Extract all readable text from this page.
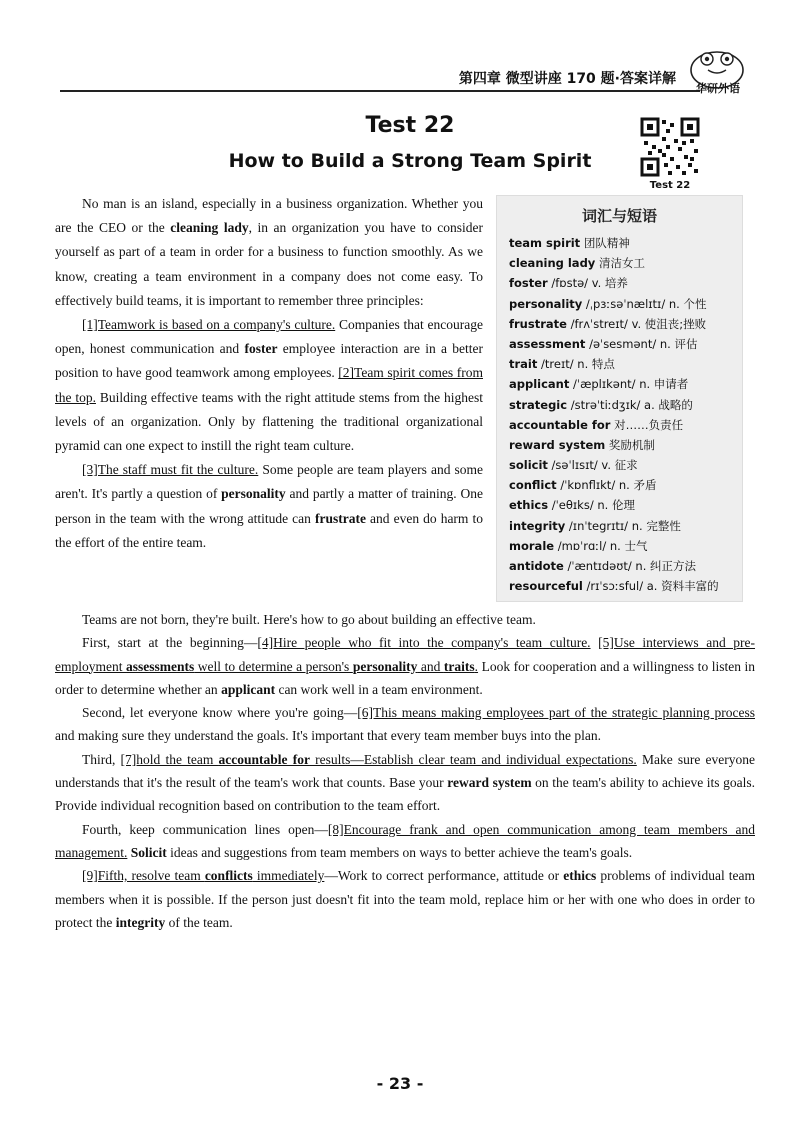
第四章 微型讲座 170 题·答案详解
华研外语
Test 22
How to Build a Strong Team Spirit
Test 22
词汇与短语
team spirit 团队精神
cleaning lady 清洁女工
foster /fɒstə/ v. 培养
personality /ˌpɜːsəˈnælɪtɪ/ n. 个性
frustrate /frʌˈstreɪt/ v. 使沮丧;挫败
assessment /əˈsesmənt/ n. 评估
trait /treɪt/ n. 特点
applicant /ˈæplɪkənt/ n. 申请者
strategic /strəˈtiːdʒɪk/ a. 战略的
accountable for 对……负责任
reward system 奖励机制
solicit /səˈlɪsɪt/ v. 征求
conflict /ˈkɒnflɪkt/ n. 矛盾
ethics /ˈeθɪks/ n. 伦理
integrity /ɪnˈtegrɪtɪ/ n. 完整性
morale /mɒˈrɑːl/ n. 士气
antidote /ˈæntɪdəʊt/ n. 纠正方法
resourceful /rɪˈsɔːsful/ a. 资料丰富的

No man is an island, especially in a business organization. Whether you are the CEO or the cleaning lady, in an organization you have to consider yourself as part of a team in order for a business to function smoothly. As we know, creating a team environment in a company does not come easy. To effectively build teams, it is important to remember three principles:

[1]Teamwork is based on a company's culture. Companies that encourage open, honest communication and foster employee interaction are in a better position to have good teamwork among employees. [2]Team spirit comes from the top. Building effective teams with the right attitude stems from the highest levels of an organization. Only by flattening the traditional organizational pyramid can one expect to instill the right team culture.

[3]The staff must fit the culture. Some people are team players and some aren't. It's partly a question of personality and partly a matter of training. One person in the team with the wrong attitude can frustrate and even do harm to the effort of the entire team.

Teams are not born, they're built. Here's how to go about building an effective team.

First, start at the beginning—[4]Hire people who fit into the company's team culture. [5]Use interviews and pre-employment assessments well to determine a person's personality and traits. Look for cooperation and a willingness to listen in order to determine whether an applicant can work well in a team environment.

Second, let everyone know where you're going—[6]This means making employees part of the strategic planning process and making sure they understand the goals. It's important that every team member buys into the plan.

Third, [7]hold the team accountable for results—Establish clear team and individual expectations. Make sure everyone understands that it's the result of the team's work that counts. Base your reward system on the team's ability to achieve its goals. Provide individual recognition based on contribution to the team effort.

Fourth, keep communication lines open—[8]Encourage frank and open communication among team members and management. Solicit ideas and suggestions from team members on ways to better achieve the team's goals.

[9]Fifth, resolve team conflicts immediately—Work to correct performance, attitude or ethics problems of individual team members when it is possible. If the person just doesn't fit into the team mold, replace him or her with one who does in order to protect the integrity of the team.

- 23 -
